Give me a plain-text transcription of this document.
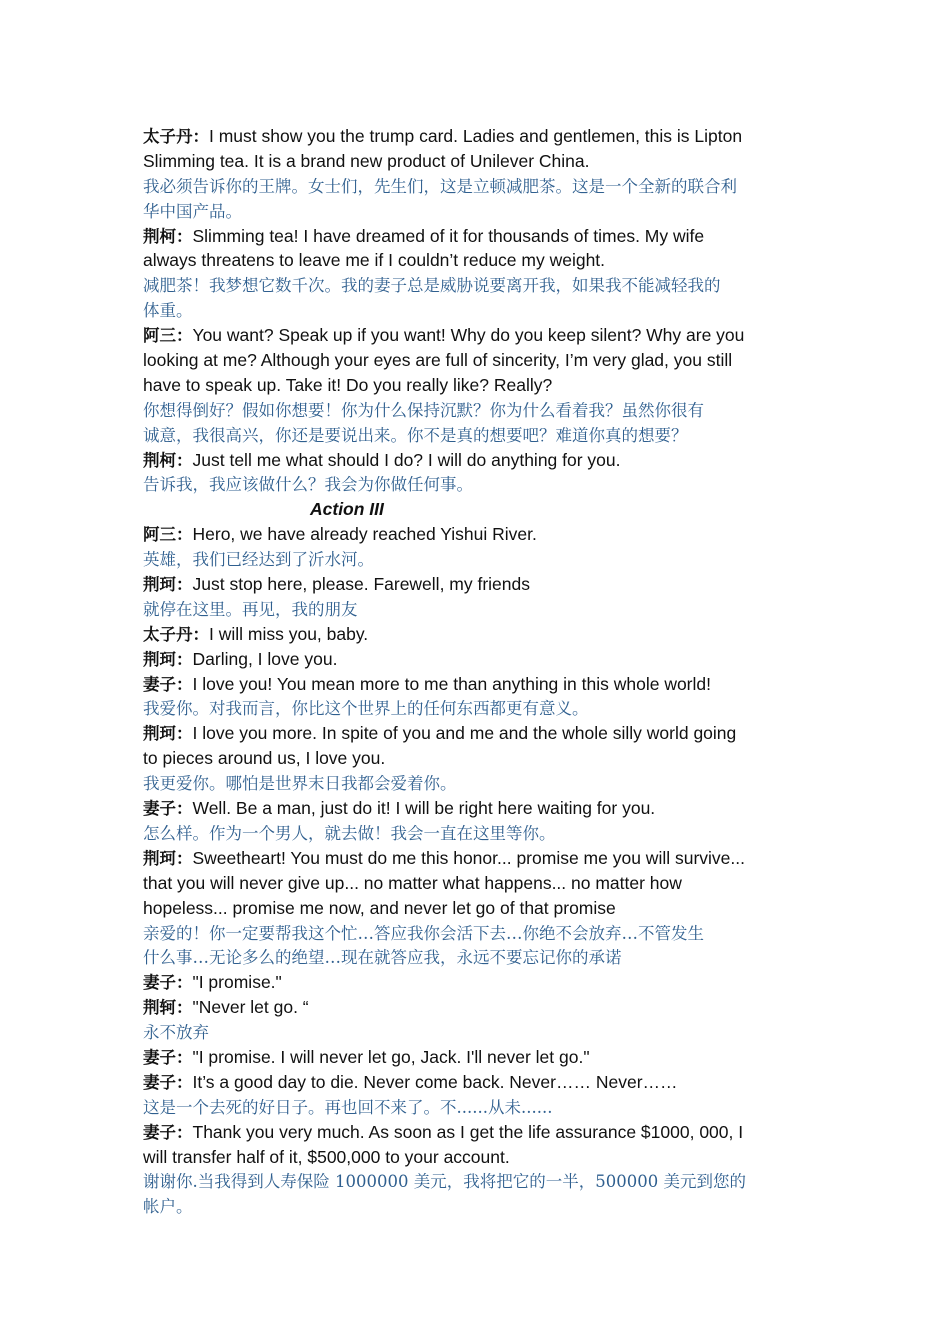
太子丹：I must show you the trump card. Ladies and gentlemen, this is Lipton
Slimming tea. It is a brand new product of Unilever China.
我必须告诉你的王牌。女士们，先生们，这是立顿减肥茶。这是一个全新的联合利
华中国产品。
荆柯：Slimming tea! I have dreamed of it for thousands of times. My wife
always threatens to leave me if I couldn’t reduce my weight.
减肥茶！我梦想它数千次。我的妻子总是威胁说要离开我，如果我不能减轻我的
体重。
阿三：You want? Speak up if you want! Why do you keep silent? Why are you
looking at me? Although your eyes are full of sincerity, I’m very glad, you still
have to speak up. Take it! Do you really like? Really?
你想得倒好？假如你想要！你为什么保持沉默？你为什么看着我？虽然你很有
诚意，我很高兴，你还是要说出来。你不是真的想要吧？难道你真的想要？
荆柯：Just tell me what should I do? I will do anything for you.
告诉我，我应该做什么？我会为你做任何事。
Action III
阿三：Hero, we have already reached Yishui River.
英雄，我们已经达到了沂水河。
荆珂：Just stop here, please. Farewell, my friends
就停在这里。再见，我的朋友
太子丹：I will miss you, baby.
荆珂：Darling, I love you.
妻子：I love you! You mean more to me than anything in this whole world!
我爱你。对我而言，你比这个世界上的任何东西都更有意义。
荆珂：I love you more. In spite of you and me and the whole silly world going
to pieces around us, I love you.
我更爱你。哪怕是世界末日我都会爱着你。
妻子：Well. Be a man, just do it! I will be right here waiting for you.
怎么样。作为一个男人，就去做！我会一直在这里等你。
荆珂：Sweetheart! You must do me this honor... promise me you will survive...
that you will never give up... no matter what happens... no matter how
hopeless... promise me now, and never let go of that promise
亲爱的！你一定要帮我这个忙…答应我你会活下去…你绝不会放弃…不管发生
什么事…无论多么的绝望…现在就答应我，永远不要忘记你的承诺
妻子："I promise."
荆轲："Never let go. “
永不放弃
妻子："I promise. I will never let go, Jack. I'll never let go."
妻子：It’s a good day to die. Never come back. Never…… Never……
这是一个去死的好日子。再也回不来了。不......从未......
妻子：Thank you very much. As soon as I get the life assurance $1000, 000, I
will transfer half of it, $500,000 to your account.
谢谢你.当我得到人寿保险 1000000 美元，我将把它的一半，500000 美元到您的
帐户。
